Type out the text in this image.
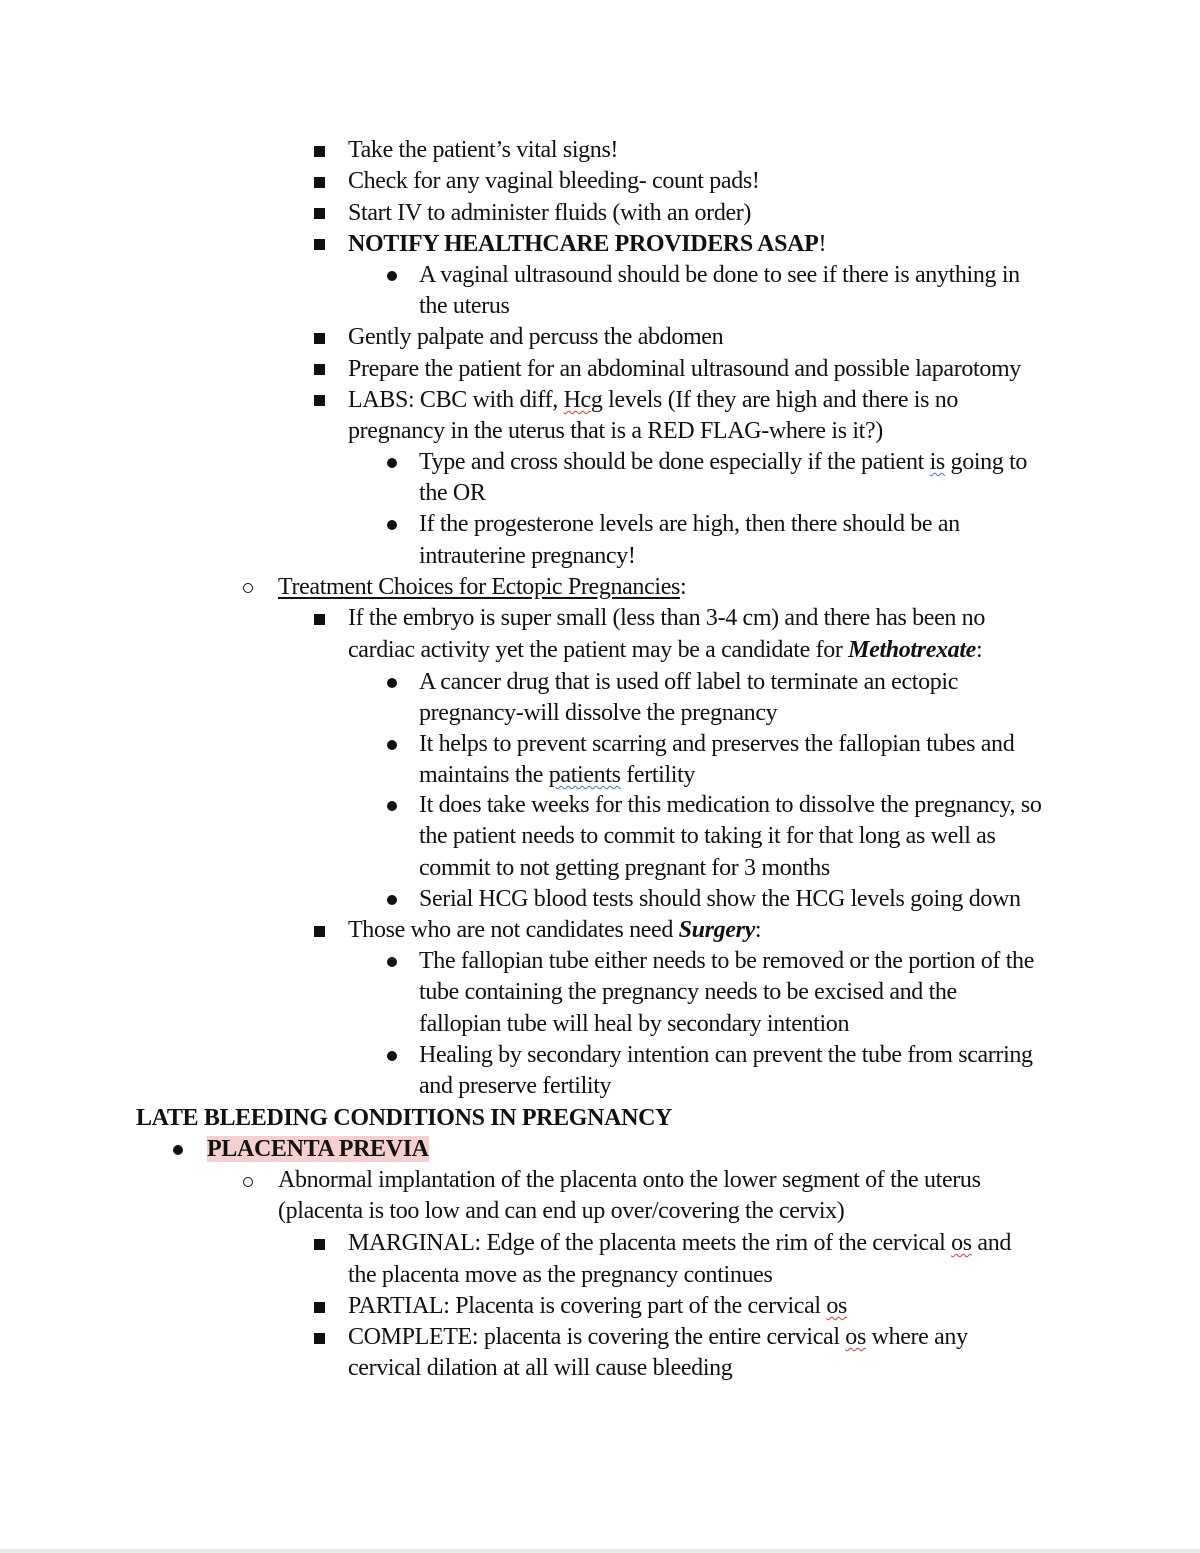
Take the patient’s vital signs!
Check for any vaginal bleeding- count pads!
Start IV to administer fluids (with an order)
NOTIFY HEALTHCARE PROVIDERS ASAP!
A vaginal ultrasound should be done to see if there is anything in
the uterus
Gently palpate and percuss the abdomen
Prepare the patient for an abdominal ultrasound and possible laparotomy
LABS: CBC with diff, Hcg levels (If they are high and there is no
pregnancy in the uterus that is a RED FLAG-where is it?)
Type and cross should be done especially if the patient is going to
the OR
If the progesterone levels are high, then there should be an
intrauterine pregnancy!
Treatment Choices for Ectopic Pregnancies:
If the embryo is super small (less than 3-4 cm) and there has been no
cardiac activity yet the patient may be a candidate for Methotrexate:
A cancer drug that is used off label to terminate an ectopic
pregnancy-will dissolve the pregnancy
It helps to prevent scarring and preserves the fallopian tubes and
maintains the patients fertility
It does take weeks for this medication to dissolve the pregnancy, so
the patient needs to commit to taking it for that long as well as
commit to not getting pregnant for 3 months
Serial HCG blood tests should show the HCG levels going down
Those who are not candidates need Surgery:
The fallopian tube either needs to be removed or the portion of the
tube containing the pregnancy needs to be excised and the
fallopian tube will heal by secondary intention
Healing by secondary intention can prevent the tube from scarring
and preserve fertility
LATE BLEEDING CONDITIONS IN PREGNANCY
PLACENTA PREVIA
Abnormal implantation of the placenta onto the lower segment of the uterus
(placenta is too low and can end up over/covering the cervix)
MARGINAL: Edge of the placenta meets the rim of the cervical os and
the placenta move as the pregnancy continues
PARTIAL: Placenta is covering part of the cervical os
COMPLETE: placenta is covering the entire cervical os where any
cervical dilation at all will cause bleeding
